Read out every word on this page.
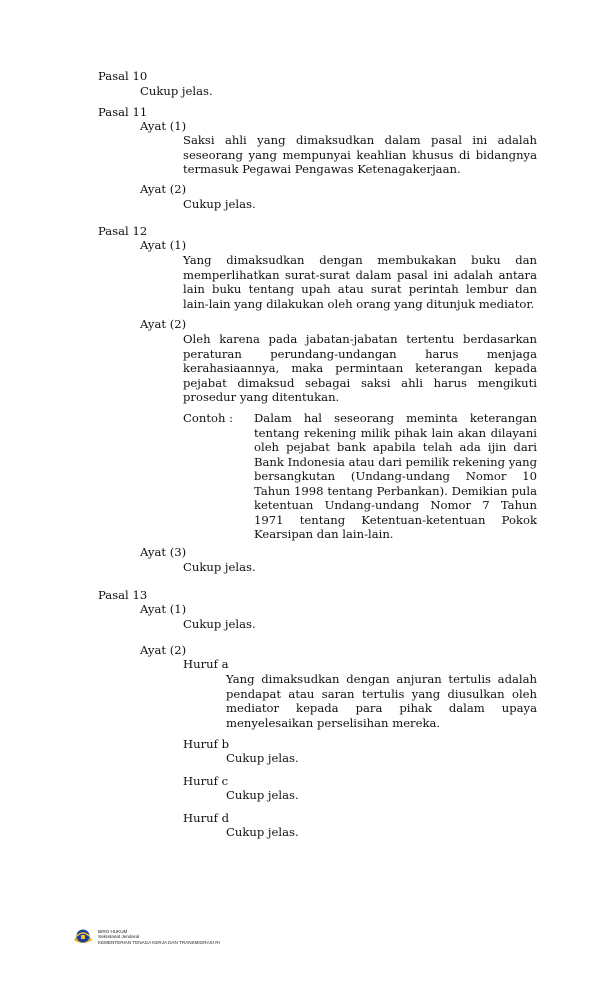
Pasal 10
Cukup jelas.
Pasal 11
Ayat (1)
Saksi ahli yang dimaksudkan dalam pasal ini adalah
seseorang yang mempunyai keahlian khusus di bidangnya
termasuk Pegawai Pengawas Ketenagakerjaan.
Ayat (2)
Cukup jelas.
Pasal 12
Ayat (1)
Yang dimaksudkan dengan membukakan buku dan
memperlihatkan surat-surat dalam pasal ini adalah antara
lain buku tentang upah atau surat perintah lembur dan
lain-lain yang dilakukan oleh orang yang ditunjuk mediator.
Ayat (2)
Oleh karena pada jabatan-jabatan tertentu berdasarkan
peraturan perundang-undangan harus menjaga
kerahasiaannya, maka permintaan keterangan kepada
pejabat dimaksud sebagai saksi ahli harus mengikuti
prosedur yang ditentukan.
Contoh : Dalam hal seseorang meminta keterangan
tentang rekening milik pihak lain akan dilayani
oleh pejabat bank apabila telah ada ijin dari
Bank Indonesia atau dari pemilik rekening yang
bersangkutan (Undang-undang Nomor 10
Tahun 1998 tentang Perbankan). Demikian pula
ketentuan Undang-undang Nomor 7 Tahun
1971 tentang Ketentuan-ketentuan Pokok
Kearsipan dan lain-lain.
Ayat (3)
Cukup jelas.
Pasal 13
Ayat (1)
Cukup jelas.
Ayat (2)
Huruf a
Yang dimaksudkan dengan anjuran tertulis adalah
pendapat atau saran tertulis yang diusulkan oleh
mediator kepada para pihak dalam upaya
menyelesaikan perselisihan mereka.
Huruf b
Cukup jelas.
Huruf c
Cukup jelas.
Huruf d
Cukup jelas.
BIRO HUKUM
Sekretariat Jenderal
KEMENTERIAN TENAGA KERJA DAN TRANSMIGRASI RI
